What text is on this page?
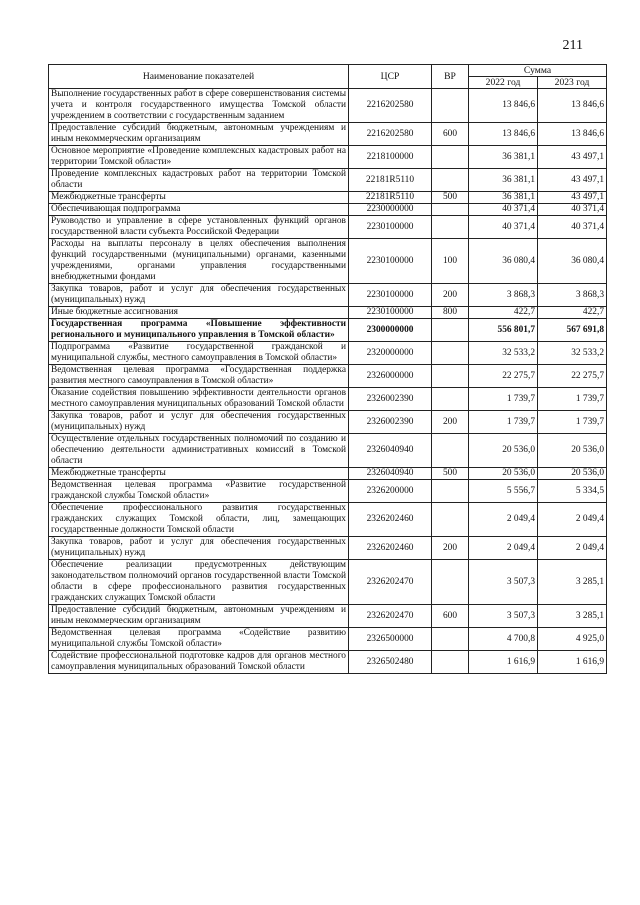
211
Наименование показателей	ЦСР	ВР	Сумма	
			2022 год	2023 год
Выполнение государственных работ в сфере совершенствования системы учета и контроля государственного имущества Томской области учреждением в соответствии с государственным заданием	2216202580		13 846,6	13 846,6
Предоставление субсидий бюджетным, автономным учреждениям и иным некоммерческим организациям	2216202580	600	13 846,6	13 846,6
Основное мероприятие «Проведение комплексных кадастровых работ на территории Томской области»	2218100000		36 381,1	43 497,1
Проведение комплексных кадастровых работ на территории Томской области	22181R5110		36 381,1	43 497,1
Межбюджетные трансферты	22181R5110	500	36 381,1	43 497,1
Обеспечивающая подпрограмма	2230000000		40 371,4	40 371,4
Руководство и управление в сфере установленных функций органов государственной власти субъекта Российской Федерации	2230100000		40 371,4	40 371,4
Расходы на выплаты персоналу в целях обеспечения выполнения функций государственными (муниципальными) органами, казенными учреждениями, органами управления государственными внебюджетными фондами	2230100000	100	36 080,4	36 080,4
Закупка товаров, работ и услуг для обеспечения государственных (муниципальных) нужд	2230100000	200	3 868,3	3 868,3
Иные бюджетные ассигнования	2230100000	800	422,7	422,7
Государственная программа «Повышение эффективности регионального и муниципального управления в Томской области»	2300000000		556 801,7	567 691,8
Подпрограмма «Развитие государственной гражданской и муниципальной службы, местного самоуправления в Томской области»	2320000000		32 533,2	32 533,2
Ведомственная целевая программа «Государственная поддержка развития местного самоуправления в Томской области»	2326000000		22 275,7	22 275,7
Оказание содействия повышению эффективности деятельности органов местного самоуправления муниципальных образований Томской области	2326002390		1 739,7	1 739,7
Закупка товаров, работ и услуг для обеспечения государственных (муниципальных) нужд	2326002390	200	1 739,7	1 739,7
Осуществление отдельных государственных полномочий по созданию и обеспечению деятельности административных комиссий в Томской области	2326040940		20 536,0	20 536,0
Межбюджетные трансферты	2326040940	500	20 536,0	20 536,0
Ведомственная целевая программа «Развитие государственной гражданской службы Томской области»	2326200000		5 556,7	5 334,5
Обеспечение профессионального развития государственных гражданских служащих Томской области, лиц, замещающих государственные должности Томской области	2326202460		2 049,4	2 049,4
Закупка товаров, работ и услуг для обеспечения государственных (муниципальных) нужд	2326202460	200	2 049,4	2 049,4
Обеспечение реализации предусмотренных действующим законодательством полномочий органов государственной власти Томской области в сфере профессионального развития государственных гражданских служащих Томской области	2326202470		3 507,3	3 285,1
Предоставление субсидий бюджетным, автономным учреждениям и иным некоммерческим организациям	2326202470	600	3 507,3	3 285,1
Ведомственная целевая программа «Содействие развитию муниципальной службы Томской области»	2326500000		4 700,8	4 925,0
Содействие профессиональной подготовке кадров для органов местного самоуправления муниципальных образований Томской области	2326502480		1 616,9	1 616,9
